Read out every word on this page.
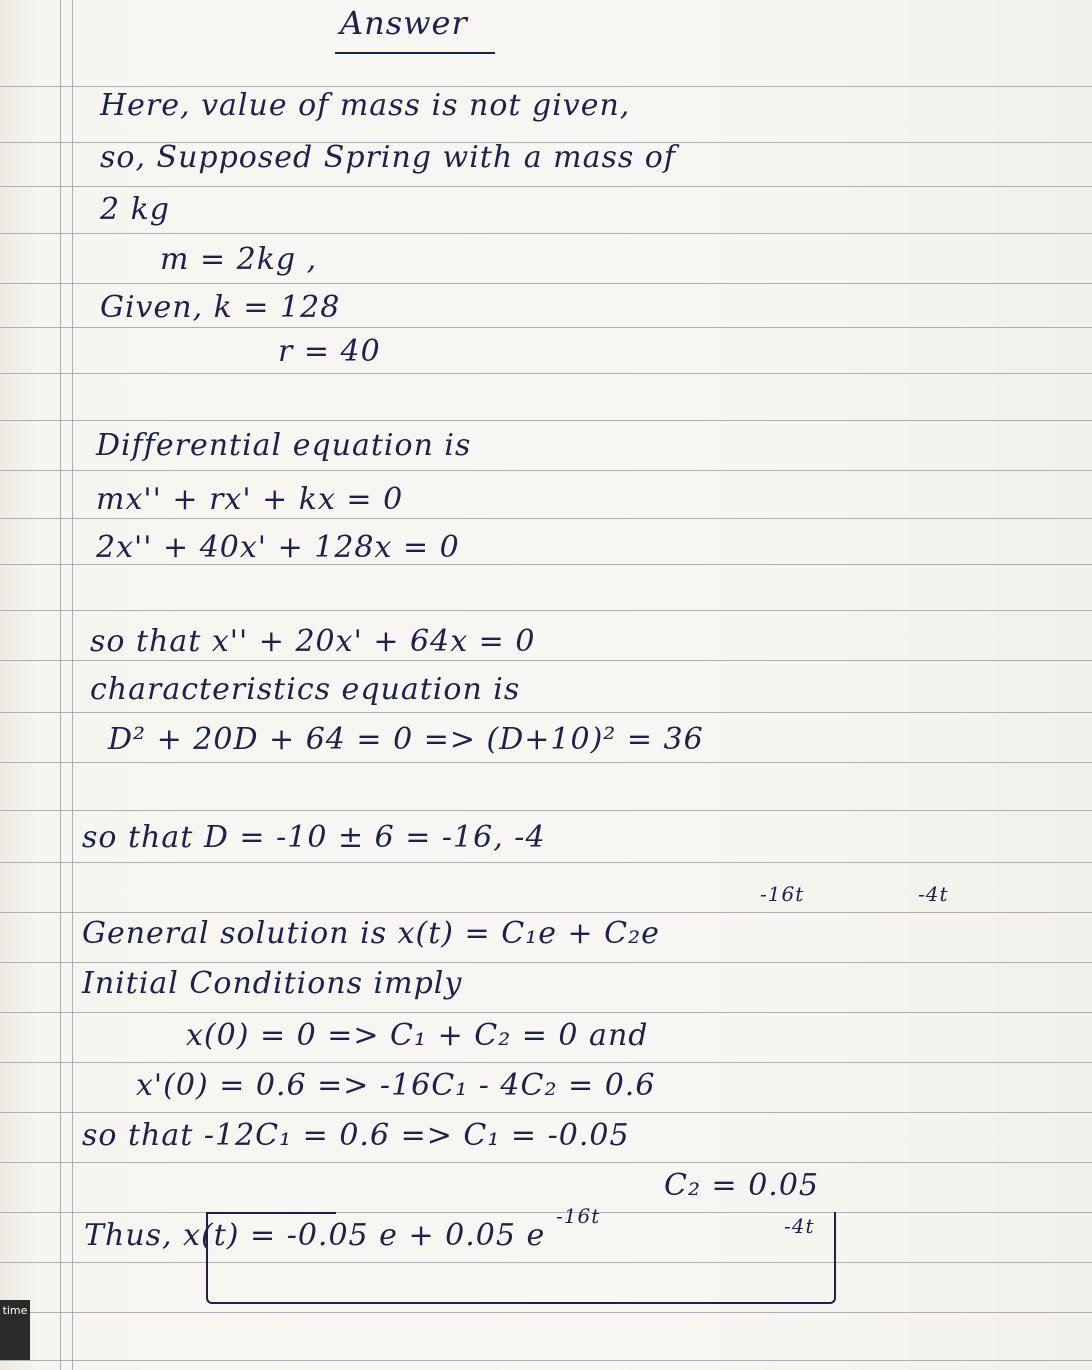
Answer
Here, value of mass is not given,
so, Supposed Spring with a mass of
2 kg
m = 2kg ,
Given, k = 128
r = 40
Differential equation is
mx'' + rx' + kx = 0
2x'' + 40x' + 128x = 0
so that x'' + 20x' + 64x = 0
characteristics equation is
D² + 20D + 64 = 0 => (D+10)² = 36
so that D = -10 ± 6 = -16, -4
-16t	-4t
General solution is x(t) = C₁e + C₂e
Initial Conditions imply
x(0) = 0 => C₁ + C₂ = 0 and
x'(0) = 0.6 => -16C₁ - 4C₂ = 0.6
so that -12C₁ = 0.6 => C₁ = -0.05
C₂ = 0.05
-16t	-4t
Thus, x(t) = -0.05 e + 0.05 e
time
